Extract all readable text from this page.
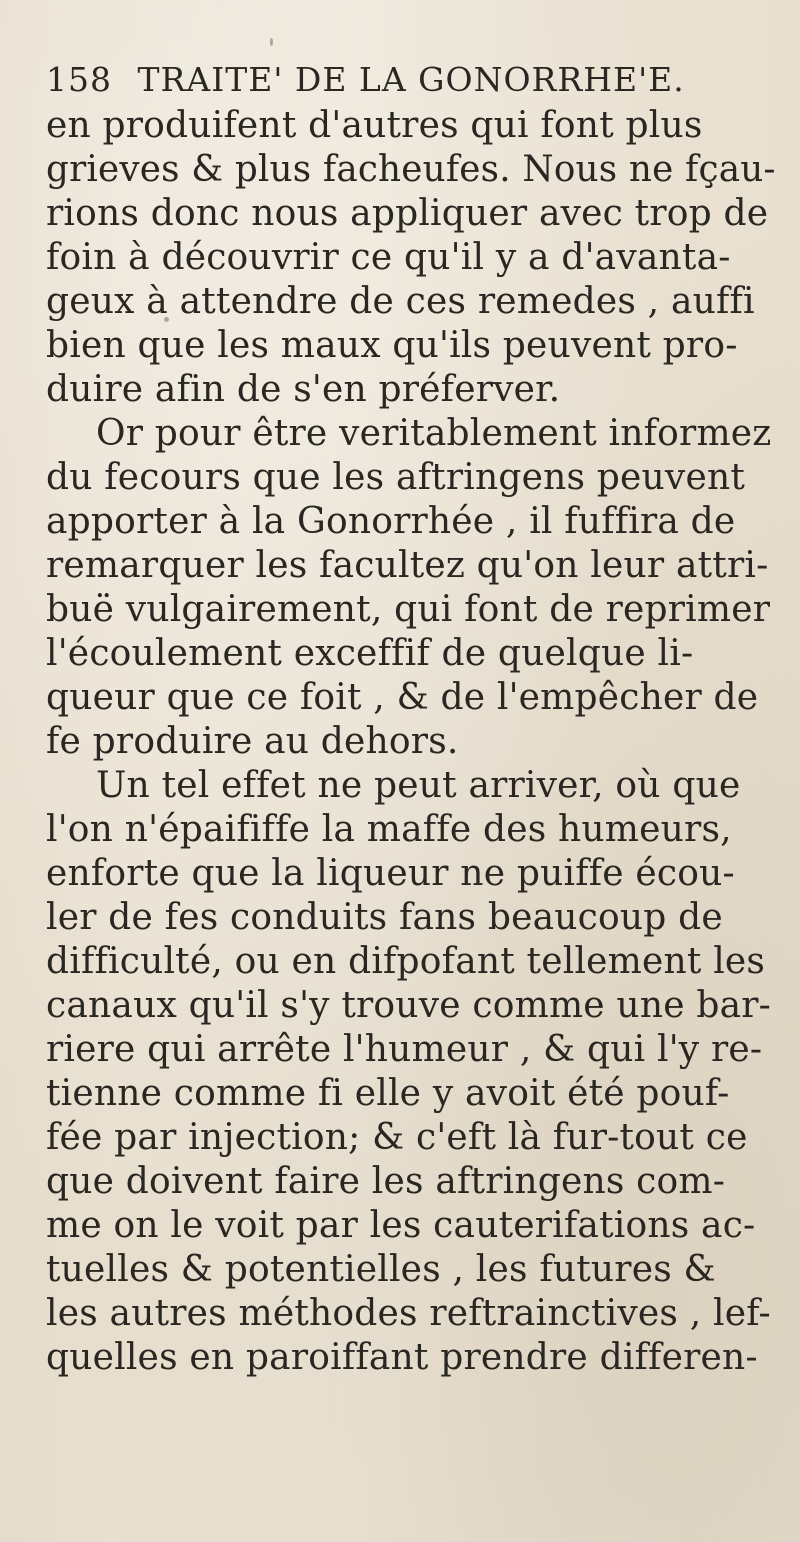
158 TRAITE' DE LA GONORRHE'E.
en produifent d'autres qui font plus
grieves & plus facheufes. Nous ne fçau-
rions donc nous appliquer avec trop de
foin à découvrir ce qu'il y a d'avanta-
geux à attendre de ces remedes , auffi
bien que les maux qu'ils peuvent pro-
duire afin de s'en préferver.
Or pour être veritablement informez
du fecours que les aftringens peuvent
apporter à la Gonorrhée , il fuffira de
remarquer les facultez qu'on leur attri-
buë vulgairement, qui font de reprimer
l'écoulement exceffif de quelque li-
queur que ce foit , & de l'empêcher de
fe produire au dehors.
Un tel effet ne peut arriver, où que
l'on n'épaififfe la maffe des humeurs,
enforte que la liqueur ne puiffe écou-
ler de fes conduits fans beaucoup de
difficulté, ou en difpofant tellement les
canaux qu'il s'y trouve comme une bar-
riere qui arrête l'humeur , & qui l'y re-
tienne comme fi elle y avoit été pouf-
fée par injection; & c'eft là fur-tout ce
que doivent faire les aftringens com-
me on le voit par les cauterifations ac-
tuelles & potentielles , les futures &
les autres méthodes reftrainctives , lef-
quelles en paroiffant prendre differen-
